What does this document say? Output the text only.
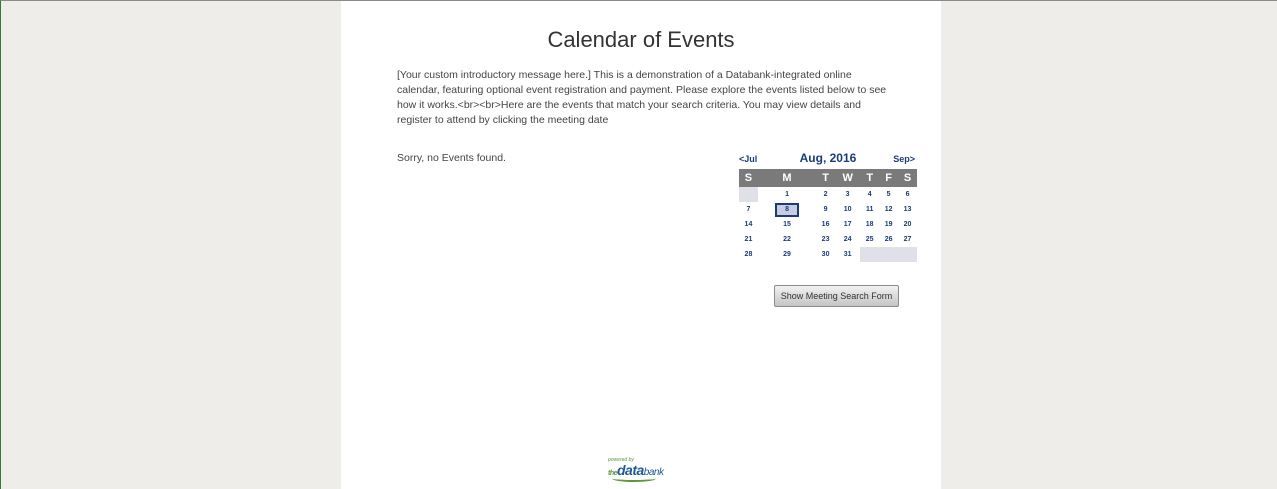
Calendar of Events
[Your custom introductory message here.] This is a demonstration of a Databank-integrated online calendar, featuring optional event registration and payment. Please explore the events listed below to see how it works.<br><br>Here are the events that match your search criteria. You may view details and register to attend by clicking the meeting date
Sorry, no Events found.	Aug, 2016
<Jul	Sep>
S	M	T	W	T	F	S
	1	2	3	4	5	6
7	8	9	10	11	12	13
14	15	16	17	18	19	20
21	22	23	24	25	26	27
28	29	30	31			
Show Meeting Search Form
powered by
thedatabank
